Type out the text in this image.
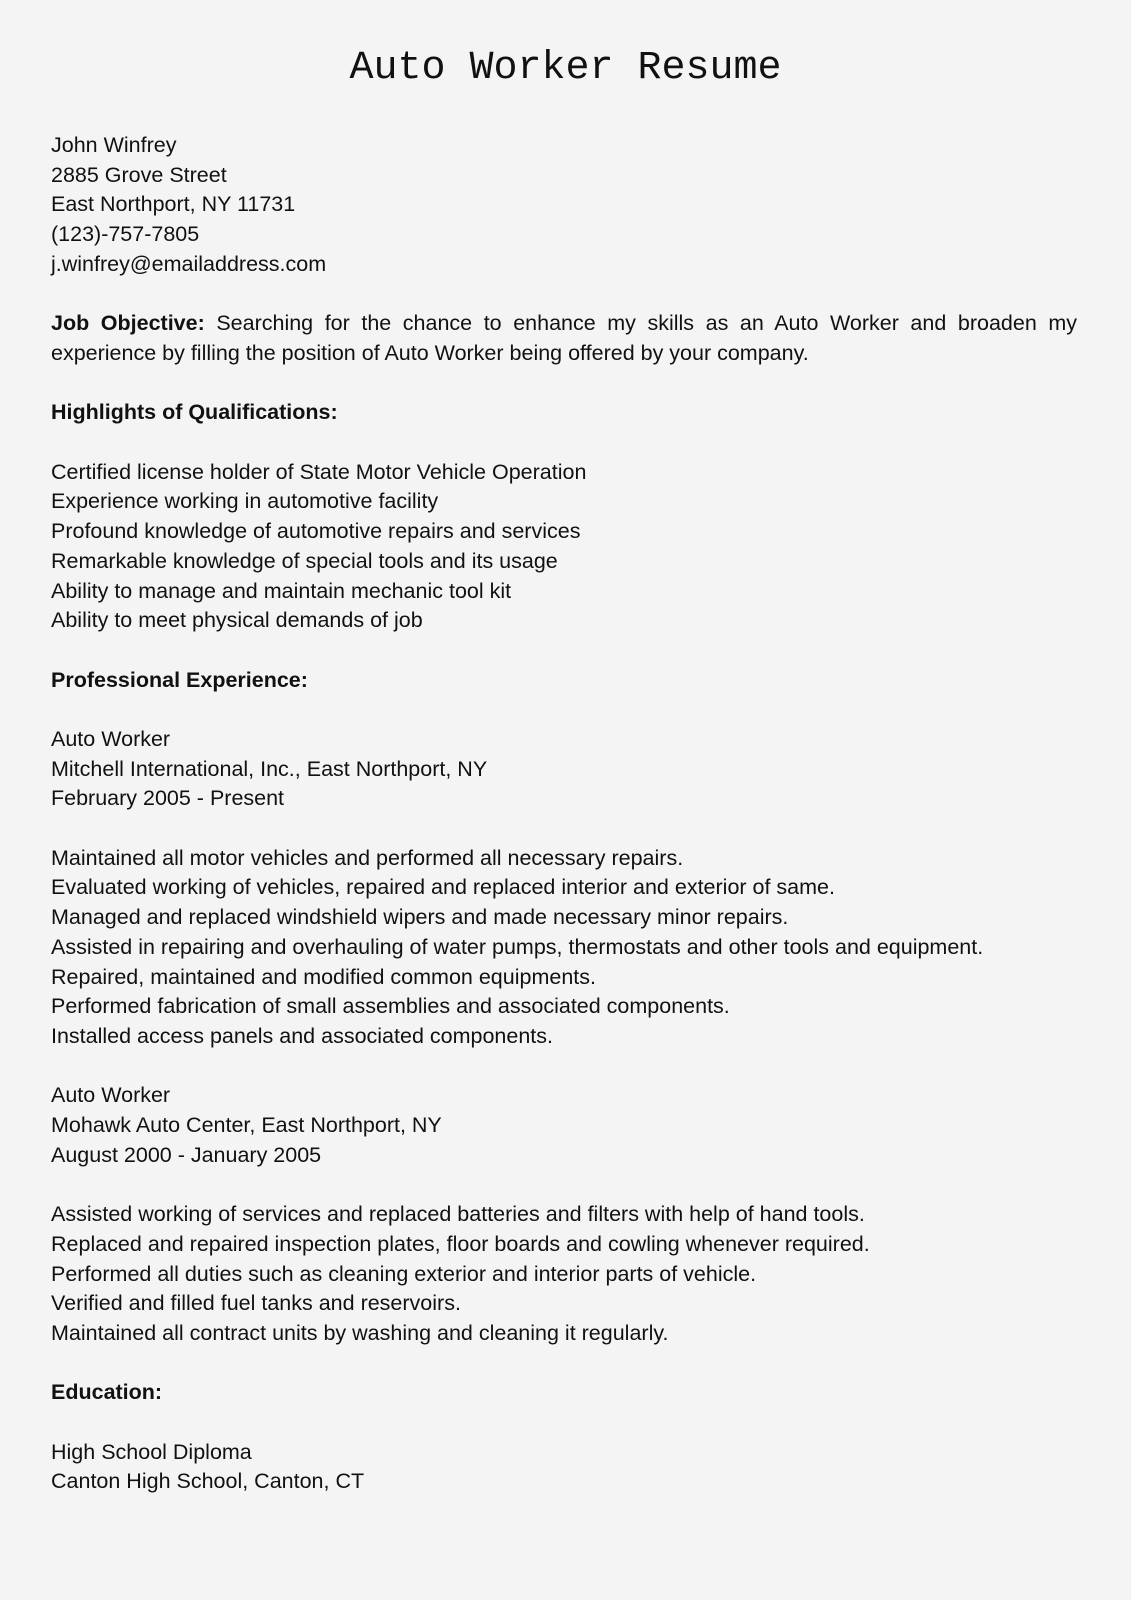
Auto Worker Resume
John Winfrey
2885 Grove Street
East Northport, NY 11731
(123)-757-7805
j.winfrey@emailaddress.com
Job Objective: Searching for the chance to enhance my skills as an Auto Worker and broaden my experience by filling the position of Auto Worker being offered by your company.
Highlights of Qualifications:
Certified license holder of State Motor Vehicle Operation
Experience working in automotive facility
Profound knowledge of automotive repairs and services
Remarkable knowledge of special tools and its usage
Ability to manage and maintain mechanic tool kit
Ability to meet physical demands of job
Professional Experience:
Auto Worker
Mitchell International, Inc., East Northport, NY
February 2005 - Present
Maintained all motor vehicles and performed all necessary repairs.
Evaluated working of vehicles, repaired and replaced interior and exterior of same.
Managed and replaced windshield wipers and made necessary minor repairs.
Assisted in repairing and overhauling of water pumps, thermostats and other tools and equipment.
Repaired, maintained and modified common equipments.
Performed fabrication of small assemblies and associated components.
Installed access panels and associated components.
Auto Worker
Mohawk Auto Center, East Northport, NY
August 2000 - January 2005
Assisted working of services and replaced batteries and filters with help of hand tools.
Replaced and repaired inspection plates, floor boards and cowling whenever required.
Performed all duties such as cleaning exterior and interior parts of vehicle.
Verified and filled fuel tanks and reservoirs.
Maintained all contract units by washing and cleaning it regularly.
Education:
High School Diploma
Canton High School, Canton, CT
